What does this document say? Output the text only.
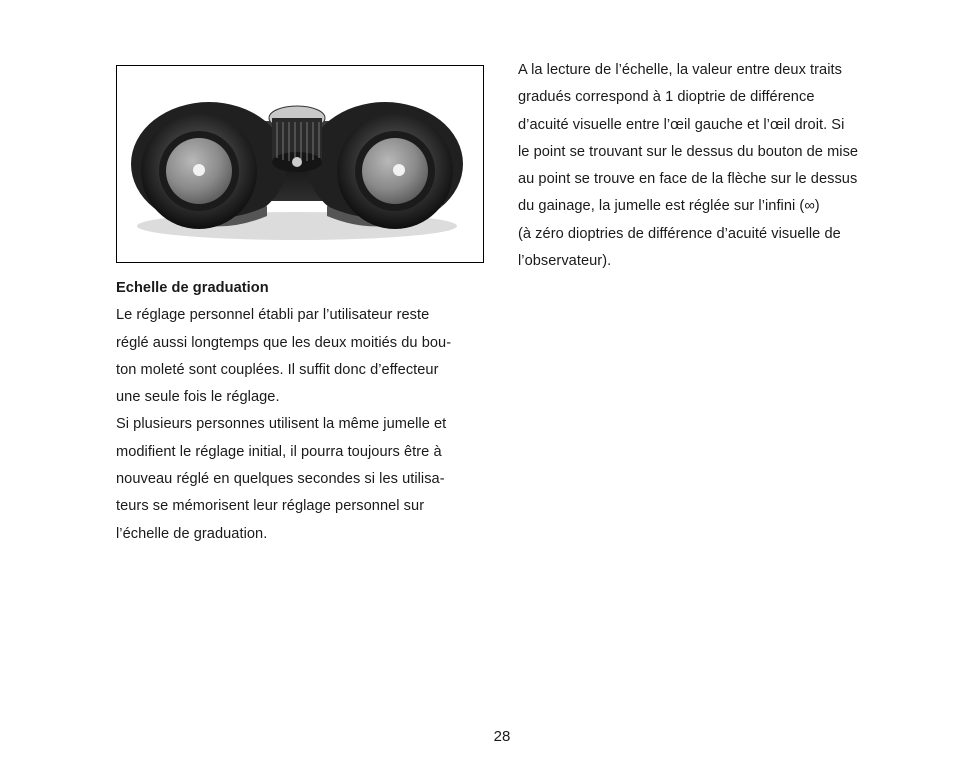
Echelle de graduation

Le réglage personnel établi par l’utilisateur reste

réglé aussi longtemps que les deux moitiés du bou-

ton moleté sont couplées. Il suffit donc d’effecteur

une seule fois le réglage.

Si plusieurs personnes utilisent la même jumelle et

modifient le réglage initial, il pourra toujours être à

nouveau réglé en quelques secondes si les utilisa-

teurs se mémorisent leur réglage personnel sur

l’échelle de graduation.

A la lecture de l’échelle, la valeur entre deux traits

gradués correspond à 1 dioptrie de différence

d’acuité visuelle entre l’œil gauche et l’œil droit. Si

le point se trouvant sur le dessus du bouton de mise

au point se trouve en face de la flèche sur le dessus

du gainage, la jumelle est réglée sur l’infini (∞)

(à zéro dioptries de différence d’acuité visuelle de

l’observateur).

28
